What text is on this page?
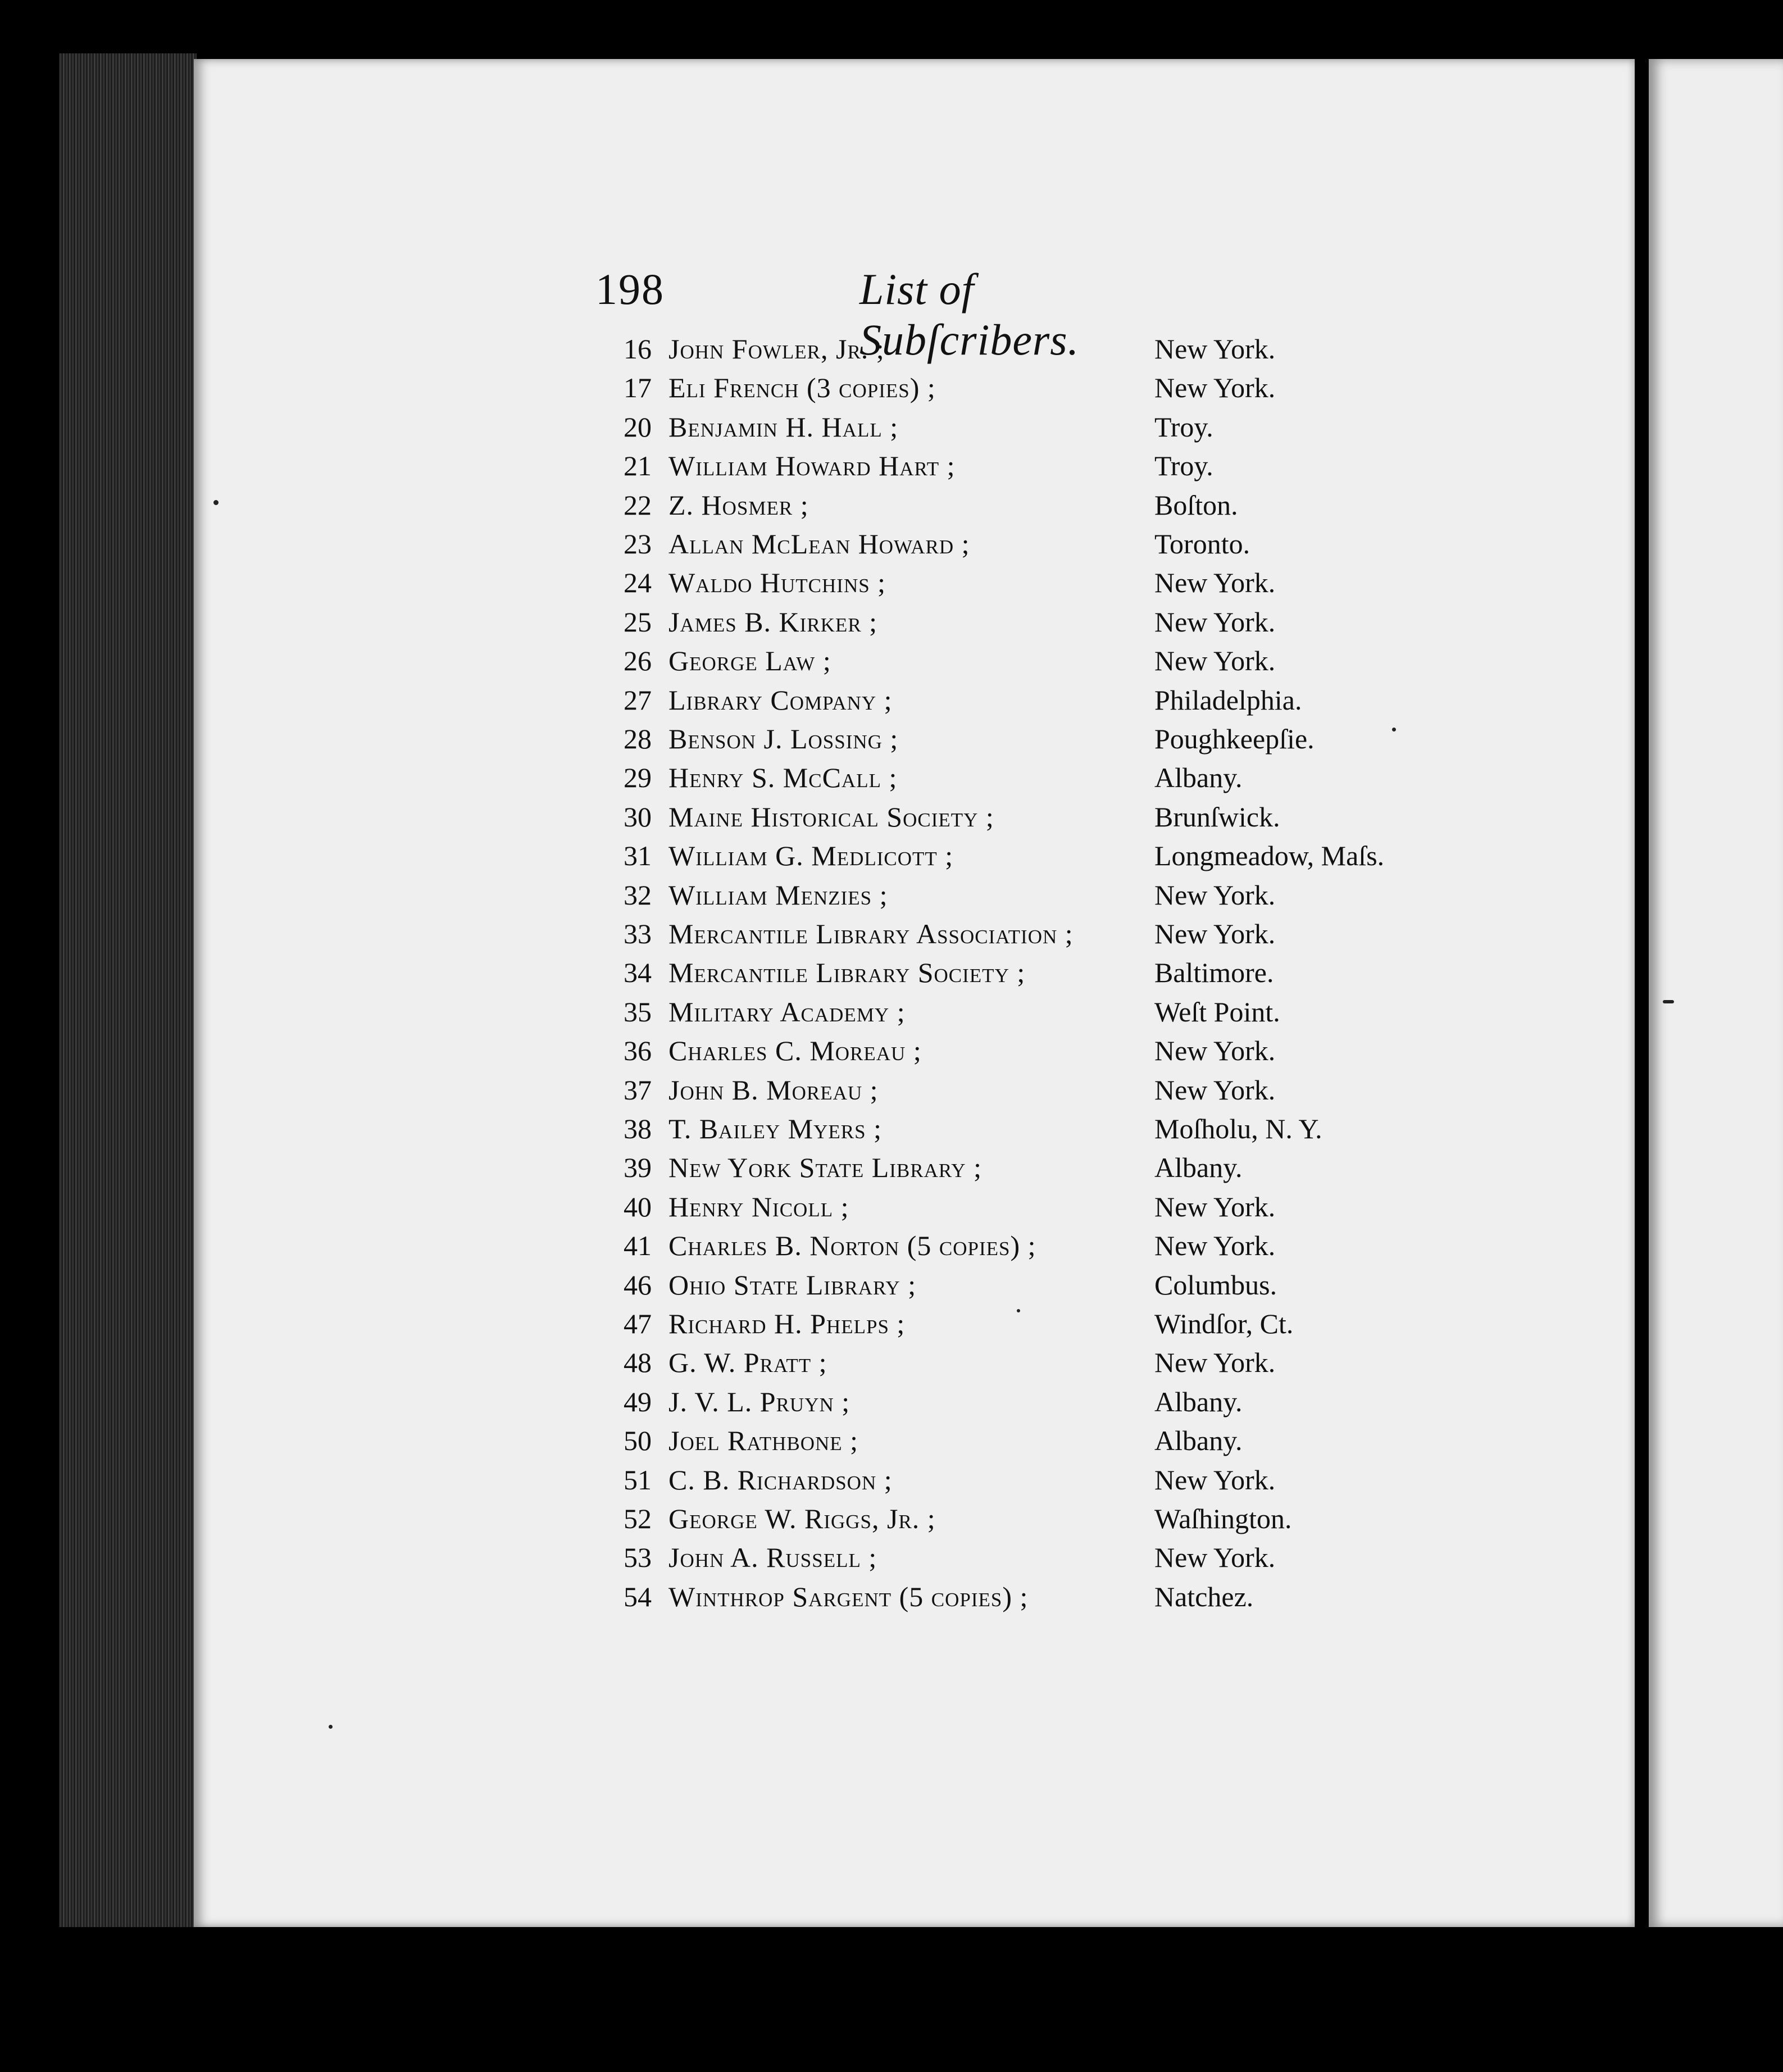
198	List of Subſcribers.
16 John Fowler, Jr. ;	New York.
17 Eli French (3 copies) ;	New York.
20 Benjamin H. Hall ;	Troy.
21 William Howard Hart ;	Troy.
22 Z. Hosmer ;	Boſton.
23 Allan McLean Howard ;	Toronto.
24 Waldo Hutchins ;	New York.
25 James B. Kirker ;	New York.
26 George Law ;	New York.
27 Library Company ;	Philadelphia.
28 Benson J. Lossing ;	Poughkeepſie.
29 Henry S. McCall ;	Albany.
30 Maine Historical Society ;	Brunſwick.
31 William G. Medlicott ;	Longmeadow, Maſs.
32 William Menzies ;	New York.
33 Mercantile Library Association ;	New York.
34 Mercantile Library Society ;	Baltimore.
35 Military Academy ;	Weſt Point.
36 Charles C. Moreau ;	New York.
37 John B. Moreau ;	New York.
38 T. Bailey Myers ;	Moſholu, N. Y.
39 New York State Library ;	Albany.
40 Henry Nicoll ;	New York.
41 Charles B. Norton (5 copies) ;	New York.
46 Ohio State Library ;	Columbus.
47 Richard H. Phelps ;	Windſor, Ct.
48 G. W. Pratt ;	New York.
49 J. V. L. Pruyn ;	Albany.
50 Joel Rathbone ;	Albany.
51 C. B. Richardson ;	New York.
52 George W. Riggs, Jr. ;	Waſhington.
53 John A. Russell ;	New York.
54 Winthrop Sargent (5 copies) ;	Natchez.
